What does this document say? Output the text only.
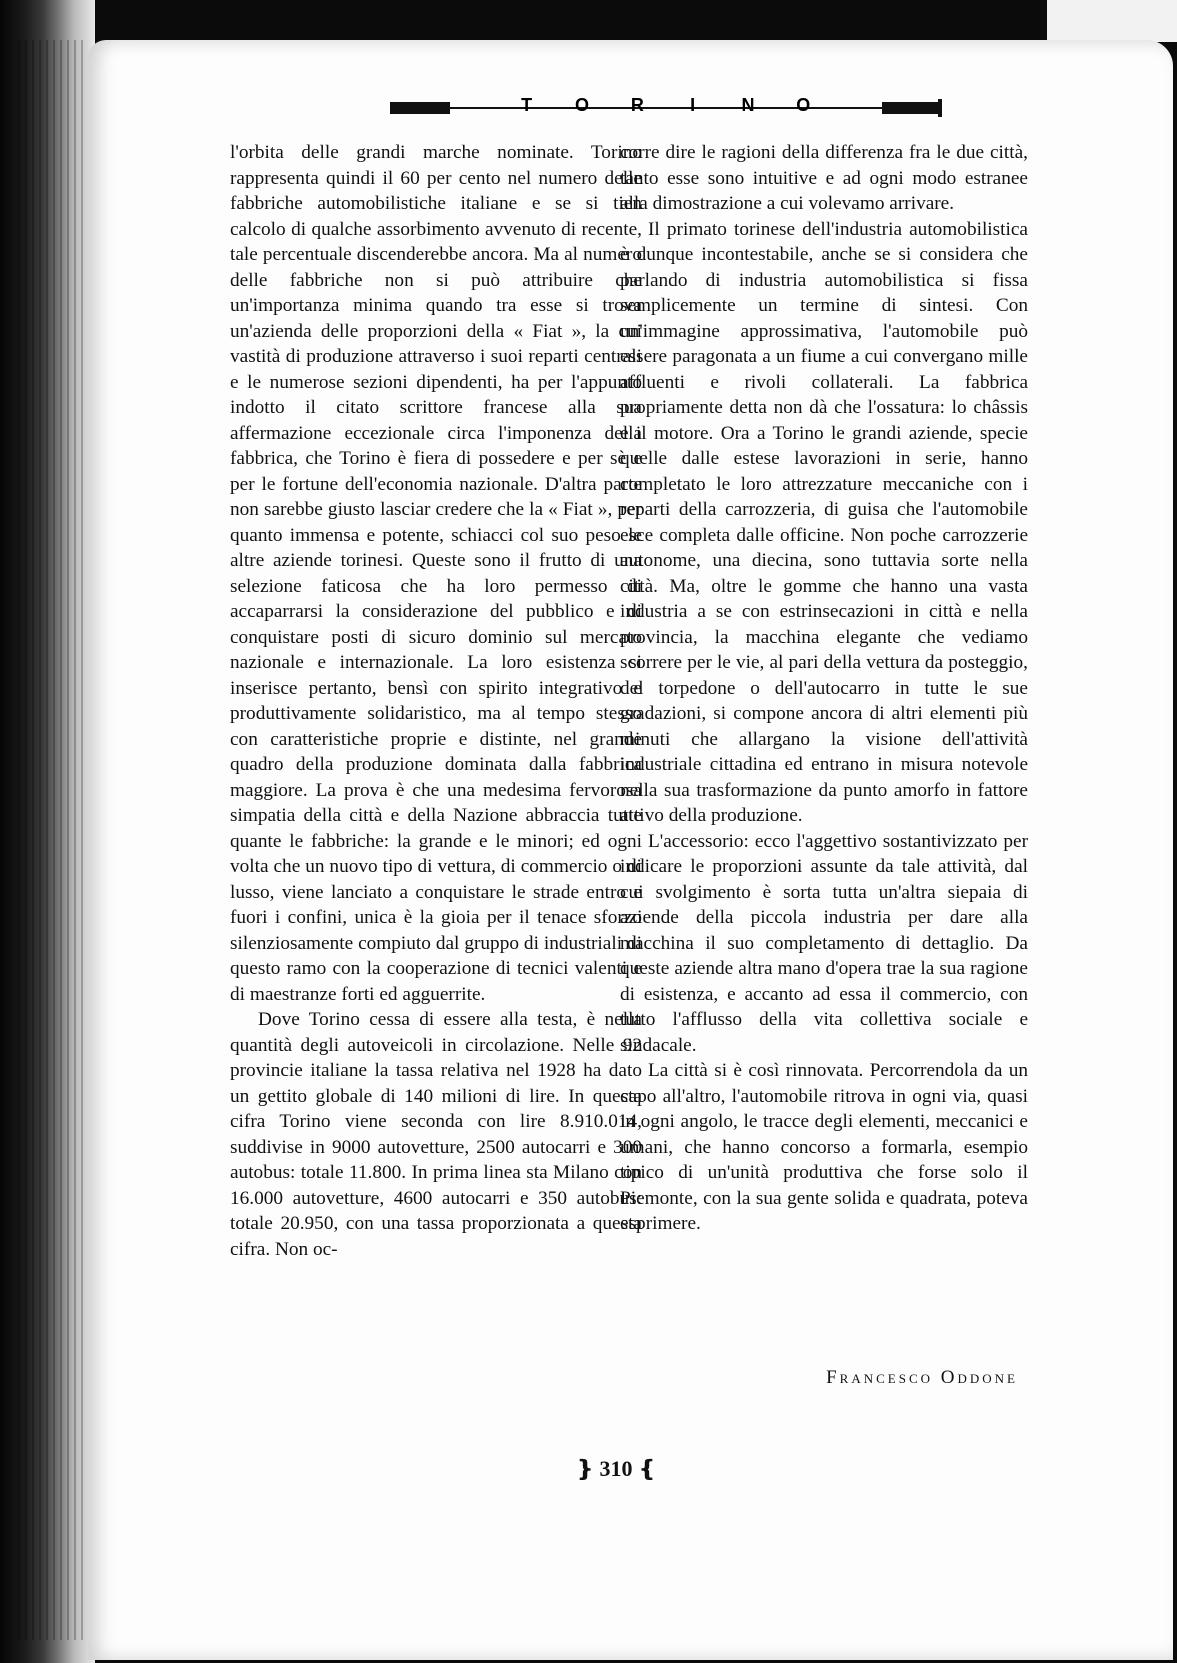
T O R	I	N O

l'orbita delle grandi marche nominate. Torino rappresenta quindi il 60 per cento nel numero delle fabbriche automobilistiche italiane e se si tien calcolo di qualche assorbimento avvenuto di recente, tale percentuale discenderebbe ancora. Ma al numero delle fabbriche non si può attribuire che un'importanza minima quando tra esse si trova un'azienda delle proporzioni della « Fiat », la cui vastità di produzione attraverso i suoi reparti centrali e le numerose sezioni dipendenti, ha per l'appunto indotto il citato scrittore francese alla sua affermazione eccezionale circa l'imponenza della fabbrica, che Torino è fiera di possedere e per sè e per le fortune dell'economia nazionale. D'altra parte non sarebbe giusto lasciar credere che la « Fiat », per quanto immensa e potente, schiacci col suo peso le altre aziende torinesi. Queste sono il frutto di una selezione faticosa che ha loro permesso di accaparrarsi la considerazione del pubblico e di conquistare posti di sicuro dominio sul mercato nazionale e internazionale. La loro esistenza si inserisce pertanto, bensì con spirito integrativo e produttivamente solidaristico, ma al tempo stesso con caratteristiche proprie e distinte, nel grande quadro della produzione dominata dalla fabbrica maggiore. La prova è che una medesima fervorosa simpatia della città e della Nazione abbraccia tutte quante le fabbriche: la grande e le minori; ed ogni volta che un nuovo tipo di vettura, di commercio o di lusso, viene lanciato a conquistare le strade entro e fuori i confini, unica è la gioia per il tenace sforzo silenziosamente compiuto dal gruppo di industriali di questo ramo con la cooperazione di tecnici valenti e di maestranze forti ed agguerrite.

Dove Torino cessa di essere alla testa, è nella quantità degli autoveicoli in circolazione. Nelle 92 provincie italiane la tassa relativa nel 1928 ha dato un gettito globale di 140 milioni di lire. In questa cifra Torino viene seconda con lire 8.910.014, suddivise in 9000 autovetture, 2500 autocarri e 300 autobus: totale 11.800. In prima linea sta Milano con 16.000 autovetture, 4600 autocarri e 350 autobus: totale 20.950, con una tassa proporzionata a questa cifra. Non oc-

corre dire le ragioni della differenza fra le due città, tanto esse sono intuitive e ad ogni modo estranee alla dimostrazione a cui volevamo arrivare.

Il primato torinese dell'industria automobilistica è dunque incontestabile, anche se si considera che parlando di industria automobilistica si fissa semplicemente un termine di sintesi. Con un'immagine approssimativa, l'automobile può essere paragonata a un fiume a cui convergano mille affluenti e rivoli collaterali. La fabbrica propriamente detta non dà che l'ossatura: lo châssis e il motore. Ora a Torino le grandi aziende, specie quelle dalle estese lavorazioni in serie, hanno completato le loro attrezzature meccaniche con i reparti della carrozzeria, di guisa che l'automobile esce completa dalle officine. Non poche carrozzerie autonome, una diecina, sono tuttavia sorte nella città. Ma, oltre le gomme che hanno una vasta industria a se con estrinsecazioni in città e nella provincia, la macchina elegante che vediamo scorrere per le vie, al pari della vettura da posteggio, del torpedone o dell'autocarro in tutte le sue gradazioni, si compone ancora di altri elementi più minuti che allargano la visione dell'attività industriale cittadina ed entrano in misura notevole nella sua trasformazione da punto amorfo in fattore attivo della produzione.

L'accessorio: ecco l'aggettivo sostantivizzato per indicare le proporzioni assunte da tale attività, dal cui svolgimento è sorta tutta un'altra siepaia di aziende della piccola industria per dare alla macchina il suo completamento di dettaglio. Da queste aziende altra mano d'opera trae la sua ragione di esistenza, e accanto ad essa il commercio, con tutto l'afflusso della vita collettiva sociale e sindacale.

La città si è così rinnovata. Percorrendola da un capo all'altro, l'automobile ritrova in ogni via, quasi in ogni angolo, le tracce degli elementi, meccanici e umani, che hanno concorso a formarla, esempio tipico di un'unità produttiva che forse solo il Piemonte, con la sua gente solida e quadrata, poteva esprimere.

Francesco Oddone
❵ 310 ❴
